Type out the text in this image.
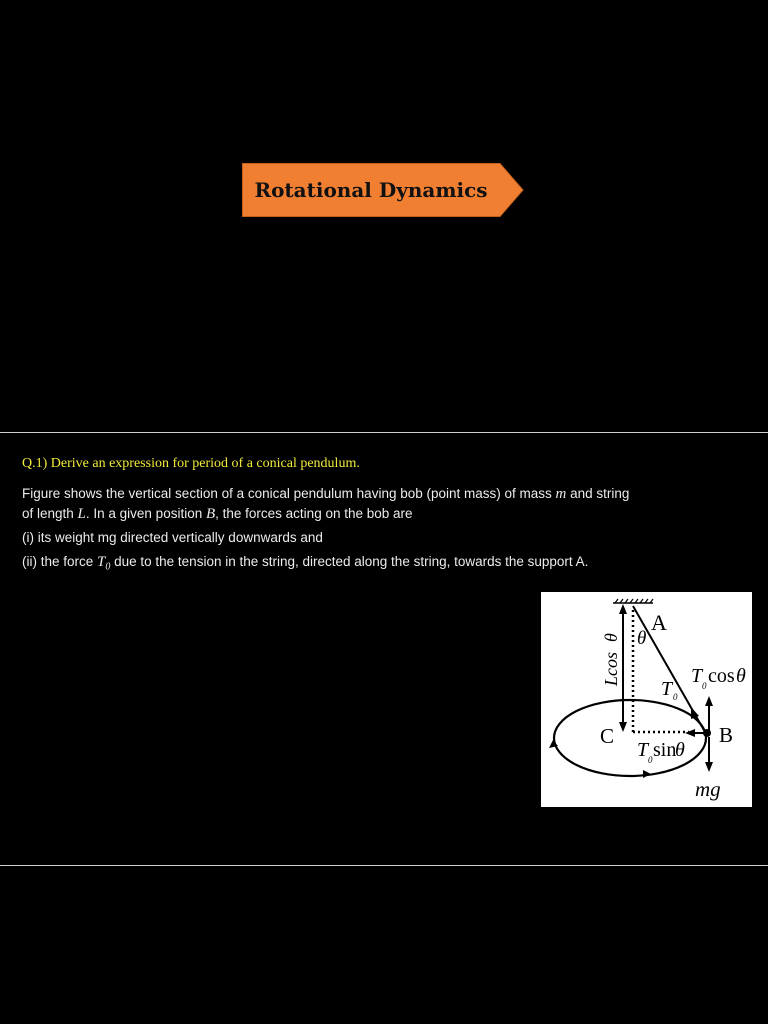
Rotational Dynamics
Q.1) Derive an expression for period of a conical pendulum.
Figure shows the vertical section of a conical pendulum having bob (point mass) of mass m and string
of length L. In a given position B, the forces acting on the bob are
(i) its weight mg directed vertically downwards and
(ii) the force $T_0$ due to the tension in the string, directed along the string, towards the support A.
A
θ
B
C
Lcos
θ
T 0
T 0 cos θ
T 0 sin
θ
mg
